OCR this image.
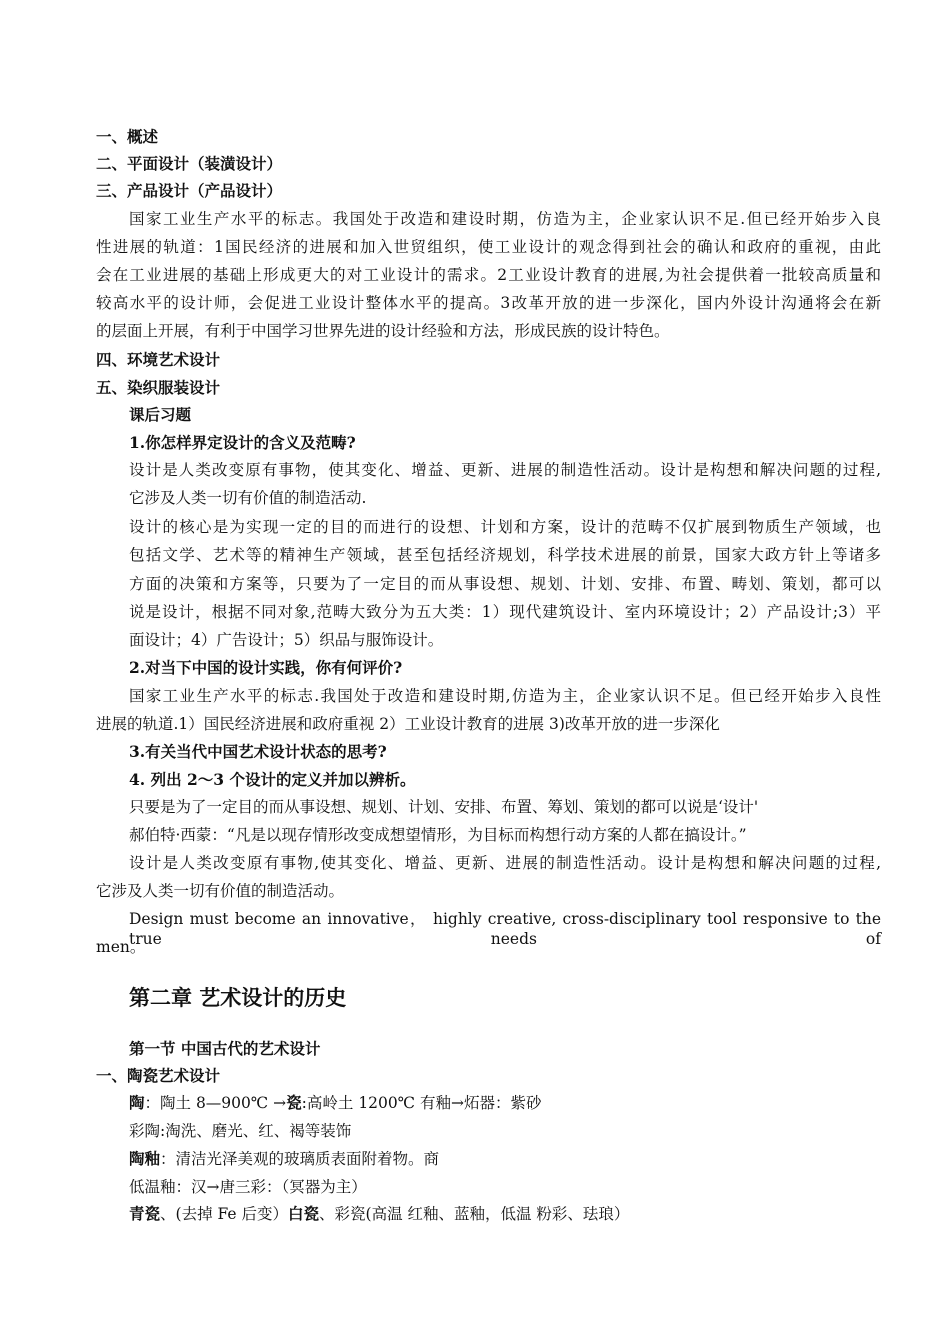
一、概述
二、平面设计（装潢设计）
三、产品设计（产品设计）
国家工业生产水平的标志。我国处于改造和建设时期，仿造为主，企业家认识不足.但已经开始步入良
性进展的轨道：1国民经济的进展和加入世贸组织，使工业设计的观念得到社会的确认和政府的重视，由此
会在工业进展的基础上形成更大的对工业设计的需求。2工业设计教育的进展,为社会提供着一批较高质量和
较高水平的设计师，会促进工业设计整体水平的提高。3改革开放的进一步深化，国内外设计沟通将会在新
的层面上开展，有利于中国学习世界先进的设计经验和方法，形成民族的设计特色。
四、环境艺术设计
五、染织服装设计
课后习题
1.你怎样界定设计的含义及范畴?
设计是人类改变原有事物，使其变化、增益、更新、进展的制造性活动。设计是构想和解决问题的过程,
它涉及人类一切有价值的制造活动.
设计的核心是为实现一定的目的而进行的设想、计划和方案，设计的范畴不仅扩展到物质生产领域，也
包括文学、艺术等的精神生产领域，甚至包括经济规划，科学技术进展的前景，国家大政方针上等诸多
方面的决策和方案等，只要为了一定目的而从事设想、规划、计划、安排、布置、畴划、策划，都可以
说是设计，根据不同对象,范畴大致分为五大类：1）现代建筑设计、室内环境设计；2）产品设计;3）平
面设计；4）广告设计；5）织品与服饰设计。
2.对当下中国的设计实践，你有何评价?
国家工业生产水平的标志.我国处于改造和建设时期,仿造为主，企业家认识不足。但已经开始步入良性
进展的轨道.1）国民经济进展和政府重视 2）工业设计教育的进展 3)改革开放的进一步深化
3.有关当代中国艺术设计状态的思考?
4. 列出 2～3 个设计的定义并加以辨析。
只要是为了一定目的而从事设想、规划、计划、安排、布置、筹划、策划的都可以说是‘设计'
郝伯特·西蒙：“凡是以现存情形改变成想望情形，为目标而构想行动方案的人都在搞设计。”
设计是人类改变原有事物,使其变化、增益、更新、进展的制造性活动。设计是构想和解决问题的过程,
它涉及人类一切有价值的制造活动。
Design must become an innovative， highly creative, cross-disciplinary tool responsive to the true needs of
men。
第二章 艺术设计的历史
第一节 中国古代的艺术设计
一、陶瓷艺术设计
陶：陶土 8—900℃ →瓷:高岭土 1200℃ 有釉→炻器：紫砂
彩陶:淘洗、磨光、红、褐等装饰
陶釉：清洁光泽美观的玻璃质表面附着物。商
低温釉：汉→唐三彩：（冥器为主）
青瓷、(去掉 Fe 后变）白瓷、彩瓷(高温 红釉、蓝釉，低温 粉彩、珐琅）
